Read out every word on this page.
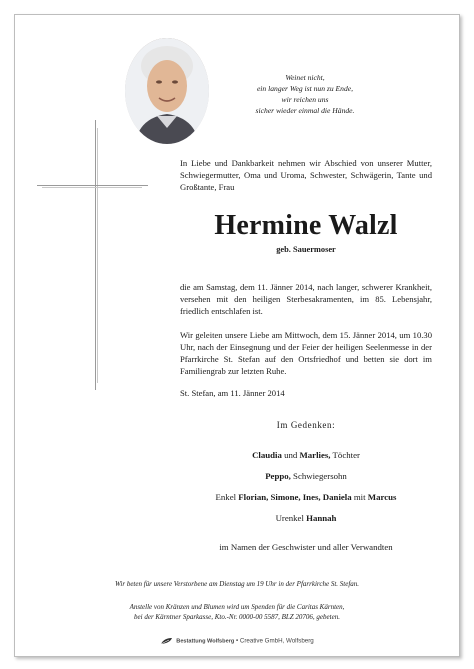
Weinet nicht,
ein langer Weg ist nun zu Ende,
wir reichen uns
sicher wieder einmal die Hände.
In Liebe und Dankbarkeit nehmen wir Abschied von unserer Mutter, Schwiegermutter, Oma und Uroma, Schwester, Schwägerin, Tante und Großtante, Frau
Hermine Walzl
geb. Sauermoser
die am Samstag, dem 11. Jänner 2014, nach langer, schwerer Krankheit, versehen mit den heiligen Sterbesakramenten, im 85. Lebensjahr, friedlich entschlafen ist.
Wir geleiten unsere Liebe am Mittwoch, dem 15. Jänner 2014, um 10.30 Uhr, nach der Einsegnung und der Feier der heiligen Seelenmesse in der Pfarrkirche St. Stefan auf den Ortsfriedhof und betten sie dort im Familiengrab zur letzten Ruhe.
St. Stefan, am 11. Jänner 2014
Im Gedenken:
Claudia und Marlies, Töchter
Peppo, Schwiegersohn
Enkel Florian, Simone, Ines, Daniela mit Marcus
Urenkel Hannah
im Namen der Geschwister und aller Verwandten
Wir beten für unsere Verstorbene am Dienstag um 19 Uhr in der Pfarrkirche St. Stefan.
Anstelle von Kränzen und Blumen wird um Spenden für die Caritas Kärnten,
bei der Kärntner Sparkasse, Kto.-Nr. 0000-00 5587, BLZ 20706, gebeten.
Bestattung Wolfsberg • Creative GmbH, Wolfsberg
